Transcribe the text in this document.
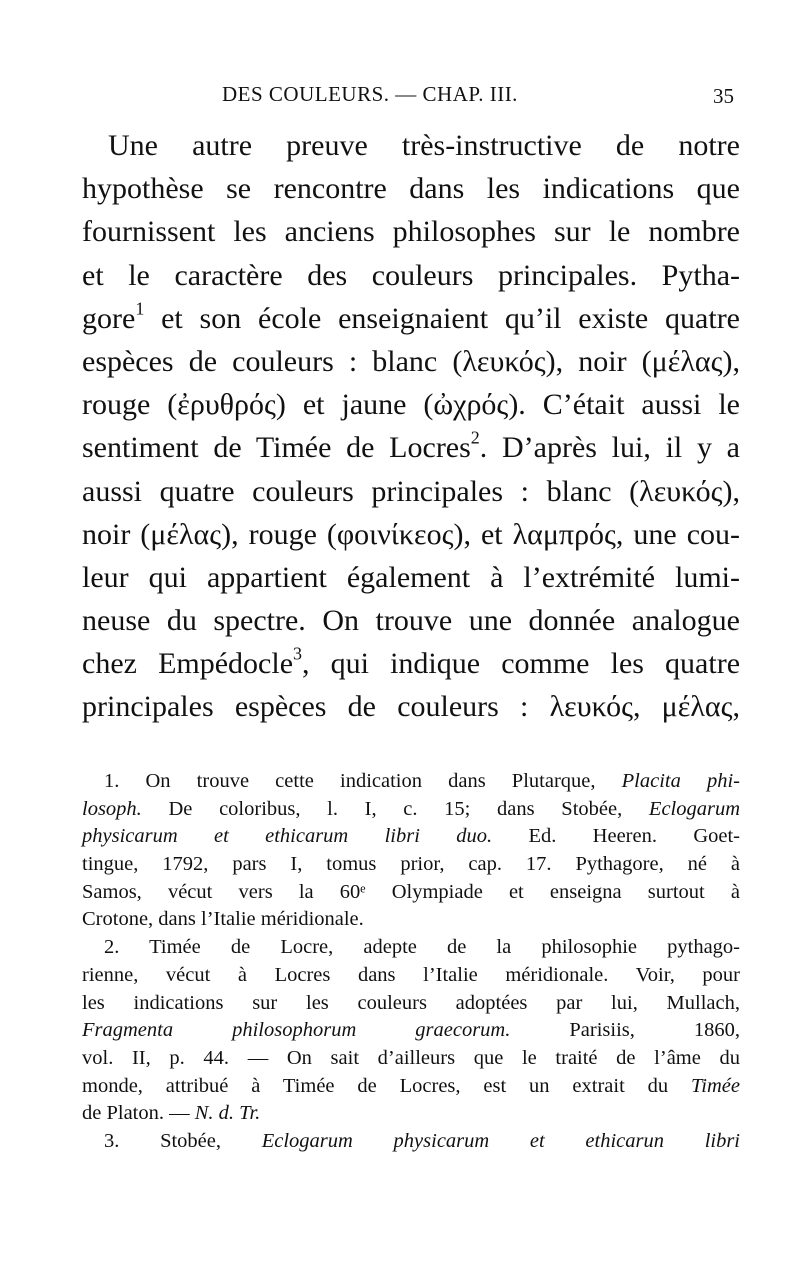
DES COULEURS. — CHAP. III.	35
Une autre preuve très-instructive de notre
hypothèse se rencontre dans les indications que
fournissent les anciens philosophes sur le nombre
et le caractère des couleurs principales. Pytha-
gore$^1$ et son école enseignaient qu’il existe quatre
espèces de couleurs : blanc (λευκός), noir (μέλας),
rouge (ἐρυθρός) et jaune (ὠχρός). C’était aussi le
sentiment de Timée de Locres$^2$. D’après lui, il y a
aussi quatre couleurs principales : blanc (λευκός),
noir (μέλας), rouge (φοινίκεος), et λαμπρός, une cou-
leur qui appartient également à l’extrémité lumi-
neuse du spectre. On trouve une donnée analogue
chez Empédocle$^3$, qui indique comme les quatre
principales espèces de couleurs : λευκός, μέλας,
1. On trouve cette indication dans Plutarque, Placita phi-
losoph. De coloribus, l. I, c. 15; dans Stobée, Eclogarum
physicarum et ethicarum libri duo. Ed. Heeren. Goet-
tingue, 1792, pars I, tomus prior, cap. 17. Pythagore, né à
Samos, vécut vers la 60ᵉ Olympiade et enseigna surtout à
Crotone, dans l’Italie méridionale.
2. Timée de Locre, adepte de la philosophie pythago-
rienne, vécut à Locres dans l’Italie méridionale. Voir, pour
les indications sur les couleurs adoptées par lui, Mullach,
Fragmenta philosophorum graecorum.	Parisiis, 1860,
vol. II, p. 44. — On sait d’ailleurs que le traité de l’âme du
monde, attribué à Timée de Locres, est un extrait du Timée
de Platon. — N. d. Tr.
3. Stobée, Eclogarum physicarum et ethicarun libri
